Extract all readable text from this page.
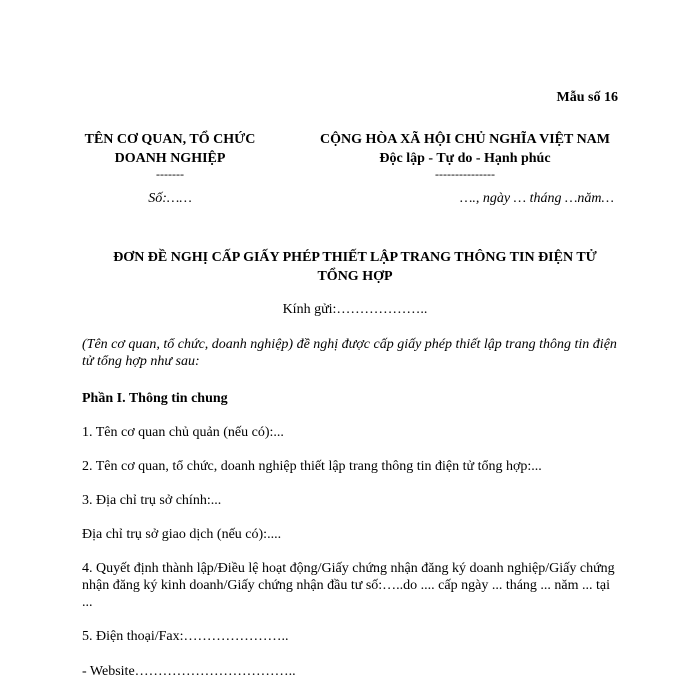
Mẫu số 16
TÊN CƠ QUAN, TỔ CHỨC
DOANH NGHIỆP
-------
CỘNG HÒA XÃ HỘI CHỦ NGHĨA VIỆT NAM
Độc lập - Tự do - Hạnh phúc
---------------
Số:……	…., ngày … tháng …năm…
ĐƠN ĐỀ NGHỊ CẤP GIẤY PHÉP THIẾT LẬP TRANG THÔNG TIN ĐIỆN TỬ
TỔNG HỢP
Kính gửi:………………..

(Tên cơ quan, tổ chức, doanh nghiệp) đề nghị được cấp giấy phép thiết lập trang thông tin điện tử tổng hợp như sau:

Phần I. Thông tin chung

1. Tên cơ quan chủ quản (nếu có):...

2. Tên cơ quan, tổ chức, doanh nghiệp thiết lập trang thông tin điện tử tổng hợp:...

3. Địa chỉ trụ sở chính:...

Địa chỉ trụ sở giao dịch (nếu có):....

4. Quyết định thành lập/Điều lệ hoạt động/Giấy chứng nhận đăng ký doanh nghiệp/Giấy chứng nhận đăng ký kinh doanh/Giấy chứng nhận đầu tư số:…..do .... cấp ngày ... tháng ... năm ... tại ...

5. Điện thoại/Fax:…………………..

- Website……………………………..
